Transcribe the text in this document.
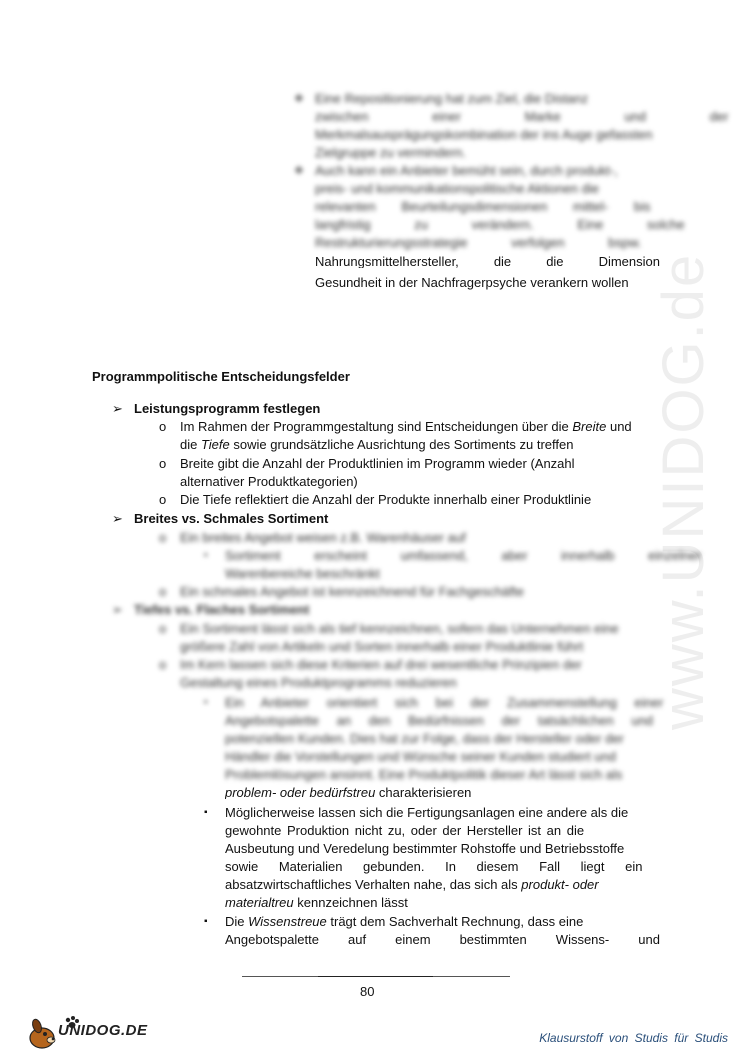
www.UNIDOG.de
❖ Eine Repositionierung hat zum Ziel, die Distanz
zwischen einer Marke und der
Merkmalsausprägungskombination der ins Auge gefassten
Zielgruppe zu vermindern.
❖ Auch kann ein Anbieter bemüht sein, durch produkt-,
preis- und kommunikationspolitische Aktionen die
relevanten Beurteilungsdimensionen mittel- bis
langfristig zu verändern. Eine solche
Restrukturierungsstrategie verfolgen bspw.
Nahrungsmittelhersteller,	die	die	Dimension
Gesundheit in der Nachfragerpsyche verankern wollen
Programmpolitische Entscheidungsfelder
➢ Leistungsprogramm festlegen
o Im Rahmen der Programmgestaltung sind Entscheidungen über die Breite und
die Tiefe sowie grundsätzliche Ausrichtung des Sortiments zu treffen
o Breite gibt die Anzahl der Produktlinien im Programm wieder (Anzahl
alternativer Produktkategorien)
o Die Tiefe reflektiert die Anzahl der Produkte innerhalb einer Produktlinie
➢ Breites vs. Schmales Sortiment
o Ein breites Angebot weisen z.B. Warenhäuser auf
▪ Sortiment erscheint umfassend, aber innerhalb einzelner
Warenbereiche beschränkt
o Ein schmales Angebot ist kennzeichnend für Fachgeschäfte
➢ Tiefes vs. Flaches Sortiment
o Ein Sortiment lässt sich als tief kennzeichnen, sofern das Unternehmen eine
größere Zahl von Artikeln und Sorten innerhalb einer Produktlinie führt
o Im Kern lassen sich diese Kriterien auf drei wesentliche Prinzipien der
Gestaltung eines Produktprogramms reduzieren
▪ Ein Anbieter orientiert sich bei der Zusammenstellung einer
Angebotspalette an den Bedürfnissen der tatsächlichen und
potenziellen Kunden. Dies hat zur Folge, dass der Hersteller oder der
Händler die Vorstellungen und Wünsche seiner Kunden studiert und
Problemlösungen ansinnt. Eine Produktpolitik dieser Art lässt sich als
problem- oder bedürfstreu charakterisieren
▪ Möglicherweise lassen sich die Fertigungsanlagen eine andere als die
gewohnte Produktion nicht zu, oder der Hersteller ist an die
Ausbeutung und Veredelung bestimmter Rohstoffe und Betriebsstoffe
sowie Materialien gebunden. In diesem Fall liegt ein
absatzwirtschaftliches Verhalten nahe, das sich als produkt- oder
materialtreu kennzeichnen lässt
▪ Die Wissenstreue trägt dem Sachverhalt Rechnung, dass eine
Angebotspalette auf einem bestimmten Wissens- und
80
UNIDOG.DE	Klausurstoff von Studis für Studis
